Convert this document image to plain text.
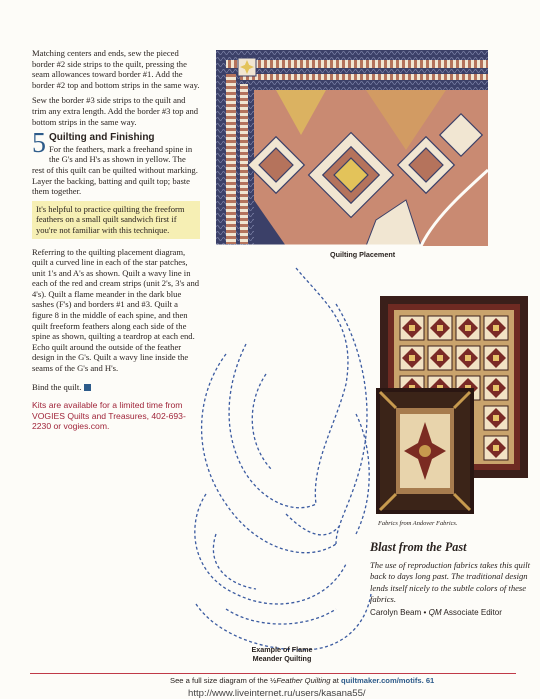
Matching centers and ends, sew the pieced border #2 side strips to the quilt, pressing the seam allowances toward border #1. Add the border #2 top and bottom strips in the same way.

Sew the border #3 side strips to the quilt and trim any extra length. Add the border #3 top and bottom strips in the same way.

5 Quilting and Finishing
For the feathers, mark a freehand spine in the G's and H's as shown in yellow. The rest of this quilt can be quilted without marking. Layer the backing, batting and quilt top; baste them together.
It's helpful to practice quilting the freeform feathers on a small quilt sandwich first if you're not familiar with this technique.

Referring to the quilting placement diagram, quilt a curved line in each of the star patches, unit 1's and A's as shown. Quilt a wavy line in each of the red and cream strips (unit 2's, 3's and 4's). Quilt a flame meander in the dark blue sashes (F's) and borders #1 and #3. Quilt a figure 8 in the middle of each spine, and then quilt freeform feathers along each side of the spine as shown, quilting a teardrop at each end. Echo quilt around the outside of the feather design in the G's. Quilt a wavy line inside the seams of the G's and H's.

Bind the quilt.

Kits are available for a limited time from VOGIES Quilts and Treasures, 402-693-2230 or vogies.com.

Quilting Placement
Example of Flame Meander Quilting
Fabrics from Andover Fabrics.
Blast from the Past

The use of reproduction fabrics takes this quilt back to days long past. The traditional design lends itself nicely to the subtle colors of these fabrics.

Carolyn Beam • QM Associate Editor
See a full size diagram of the ½Feather Quilting at quiltmaker.com/motifs. 61
http://www.liveinternet.ru/users/kasana55/
